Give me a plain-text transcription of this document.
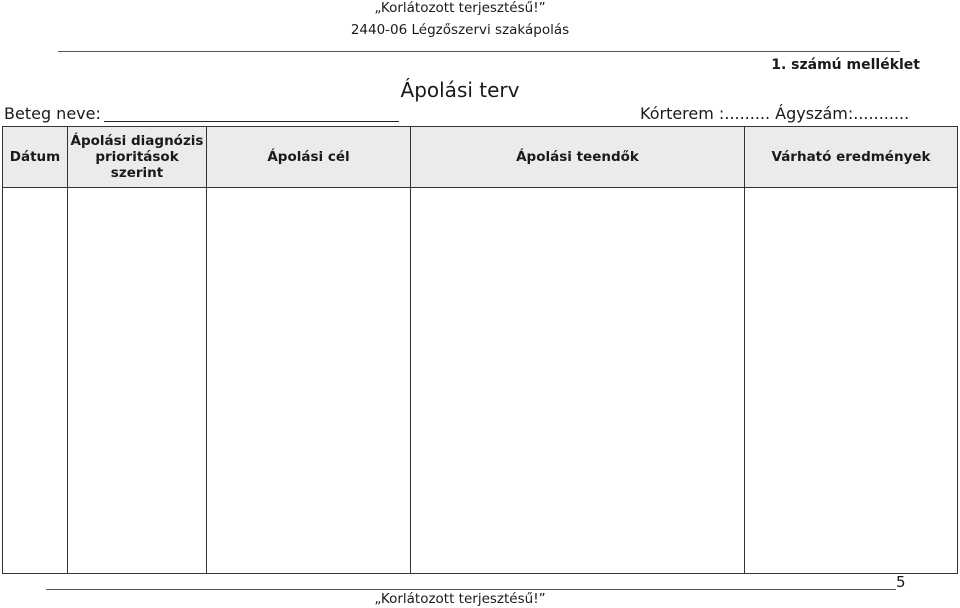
„Korlátozott terjesztésű!”
2440-06 Légzőszervi szakápolás
1. számú melléklet
Ápolási terv
Beteg neve:	Kórterem :......... Ágyszám:...........
Dátum	Ápolási diagnózis prioritások szerint	Ápolási cél	Ápolási teendők	Várható eredmények

5
„Korlátozott terjesztésű!”
